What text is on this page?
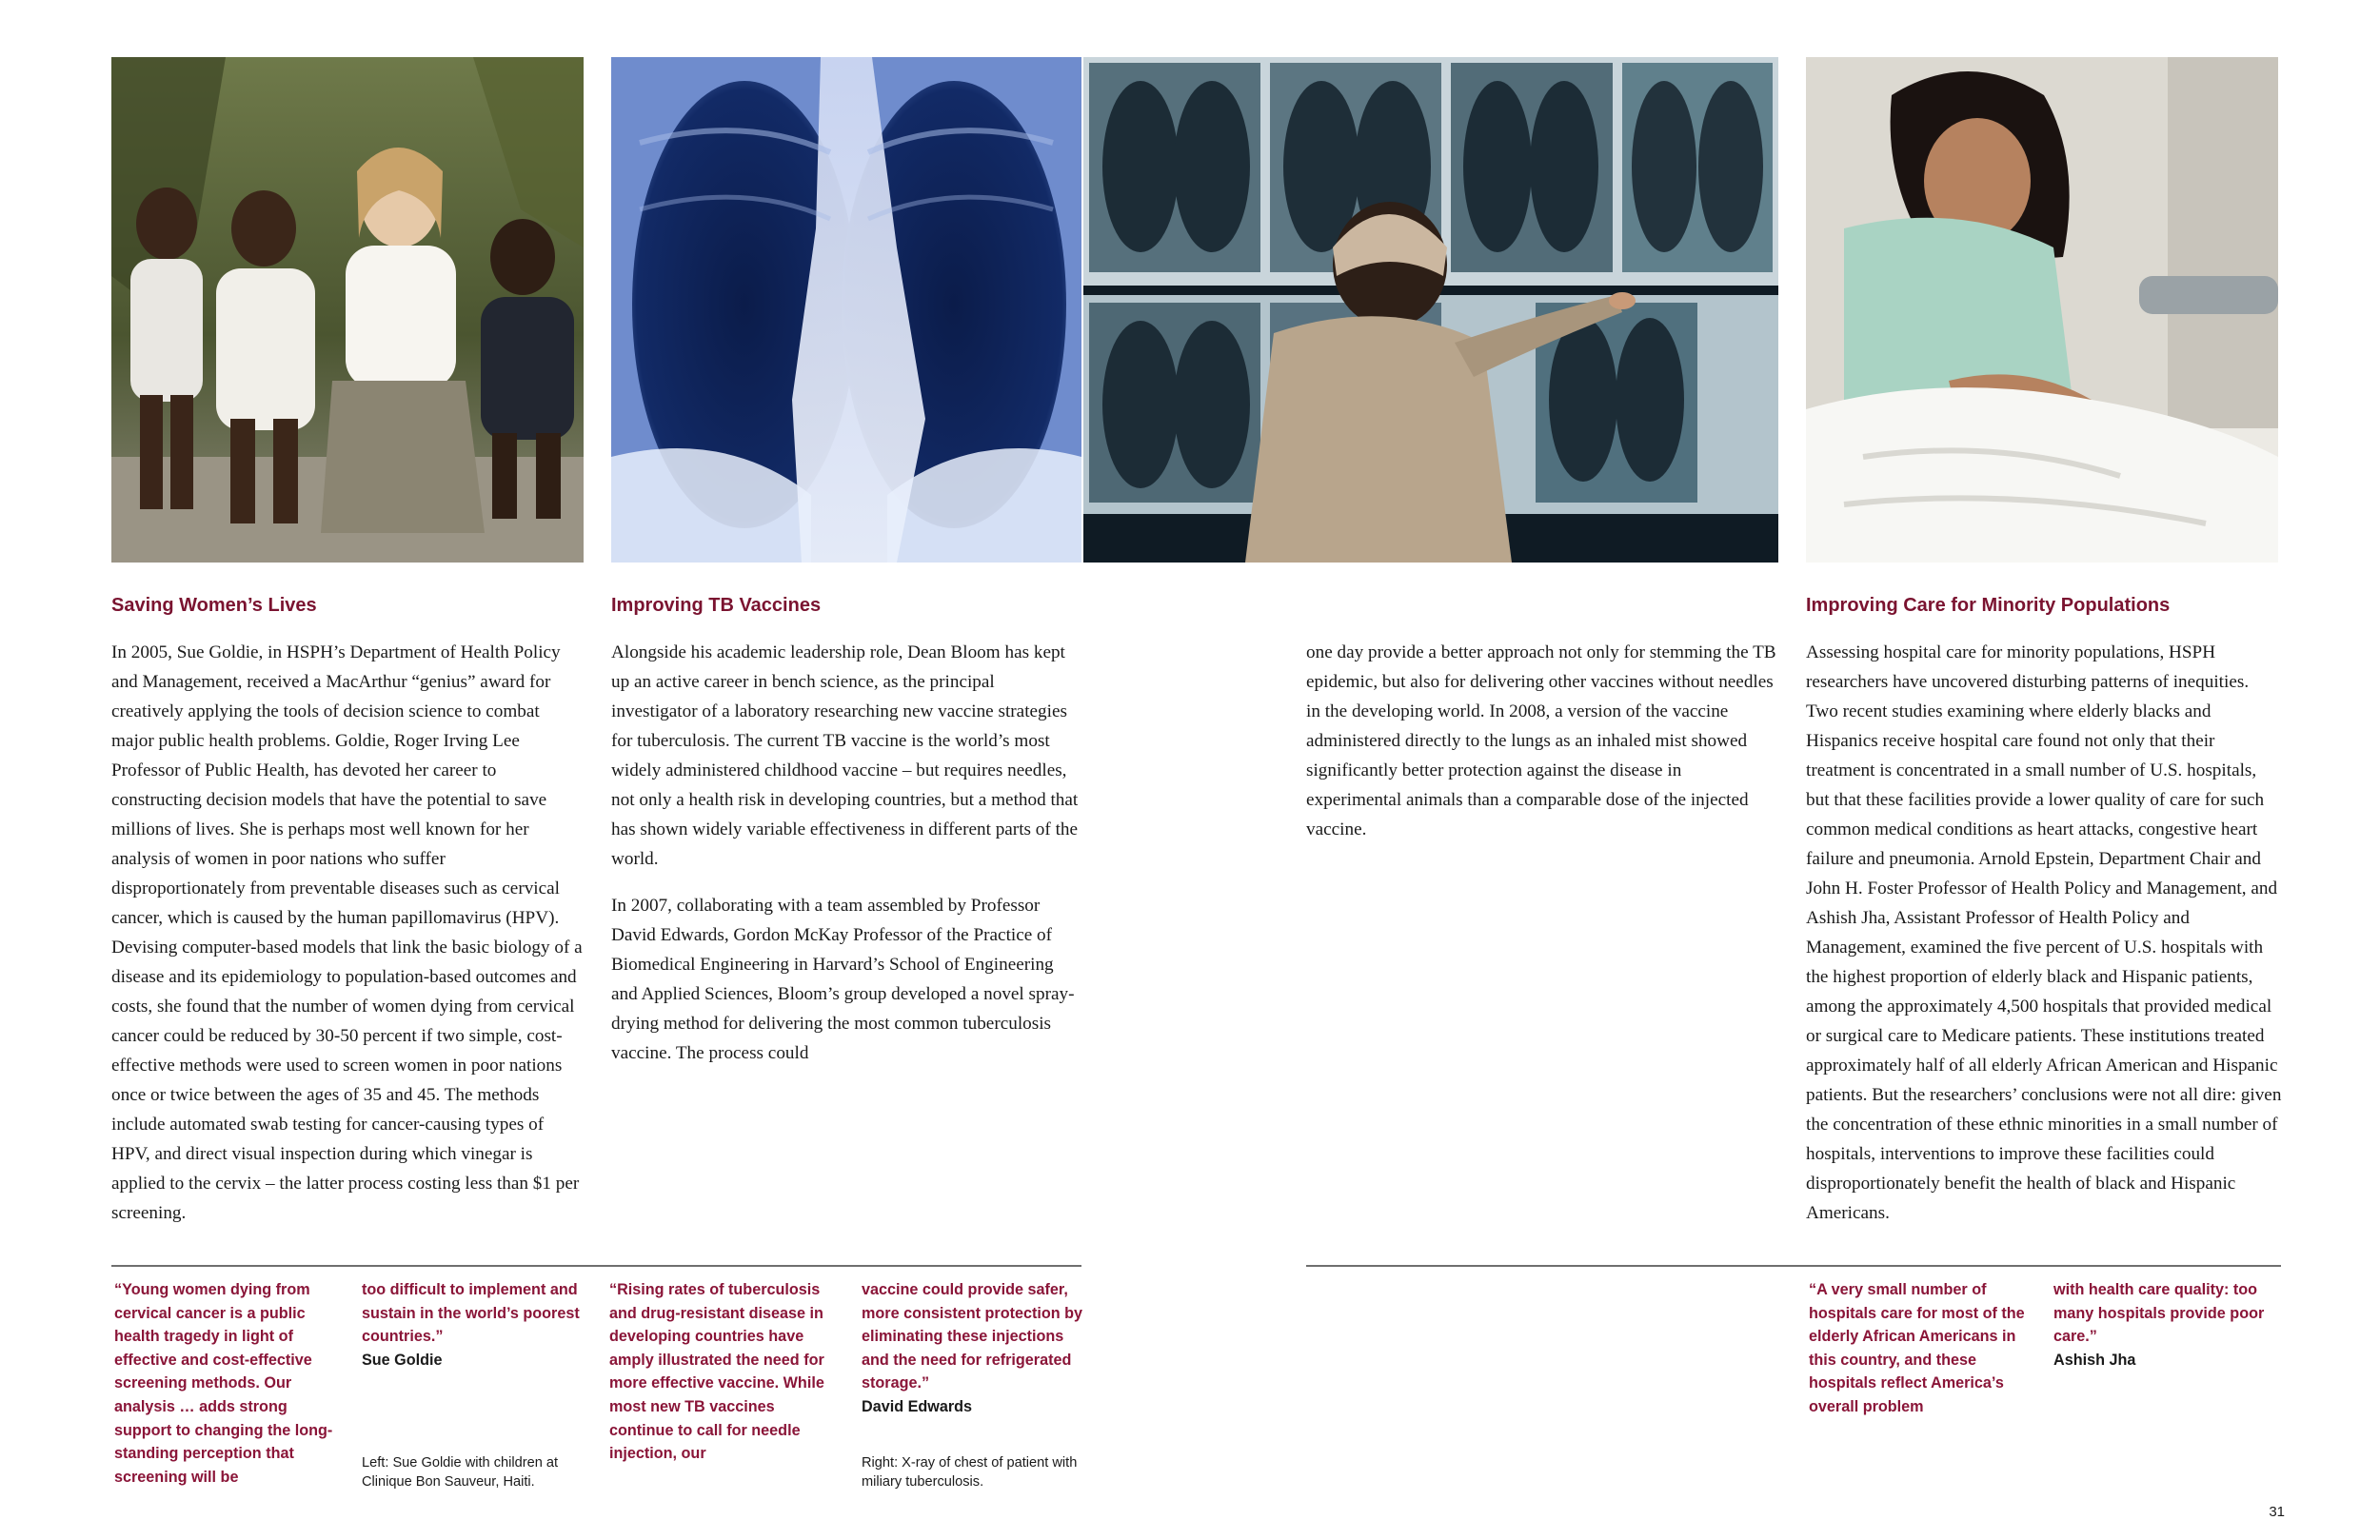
Saving Women’s Lives	Improving TB Vaccines	Improving Care for Minority Populations

In 2005, Sue Goldie, in HSPH’s Department of Health Policy and Management, received a MacArthur “genius” award for creatively applying the tools of decision science to combat major public health problems. Goldie, Roger Irving Lee Professor of Public Health, has devoted her career to constructing decision models that have the potential to save millions of lives. She is perhaps most well known for her analysis of women in poor nations who suffer disproportionately from preventable diseases such as cervical cancer, which is caused by the human papillomavirus (HPV). Devising computer-based models that link the basic biology of a disease and its epidemiology to population-based outcomes and costs, she found that the number of women dying from cervical cancer could be reduced by 30-50 percent if two simple, cost-effective methods were used to screen women in poor nations once or twice between the ages of 35 and 45. The methods include automated swab testing for cancer-causing types of HPV, and direct visual inspection during which vinegar is applied to the cervix – the latter process costing less than $1 per screening.

Alongside his academic leadership role, Dean Bloom has kept up an active career in bench science, as the principal investigator of a laboratory researching new vaccine strategies for tuberculosis. The current TB vaccine is the world’s most widely administered childhood vaccine – but requires needles, not only a health risk in developing countries, but a method that has shown widely variable effectiveness in different parts of the world.

In 2007, collaborating with a team assembled by Professor David Edwards, Gordon McKay Professor of the Practice of Biomedical Engineering in Harvard’s School of Engineering and Applied Sciences, Bloom’s group developed a novel spray-drying method for delivering the most common tuberculosis vaccine. The process could

one day provide a better approach not only for stemming the TB epidemic, but also for delivering other vaccines without needles in the developing world. In 2008, a version of the vaccine administered directly to the lungs as an inhaled mist showed significantly better protection against the disease in experimental animals than a comparable dose of the injected vaccine.

Assessing hospital care for minority populations, HSPH researchers have uncovered disturbing patterns of inequities. Two recent studies examining where elderly blacks and Hispanics receive hospital care found not only that their treatment is concentrated in a small number of U.S. hospitals, but that these facilities provide a lower quality of care for such common medical conditions as heart attacks, congestive heart failure and pneumonia. Arnold Epstein, Department Chair and John H. Foster Professor of Health Policy and Management, and Ashish Jha, Assistant Professor of Health Policy and Management, examined the five percent of U.S. hospitals with the highest proportion of elderly black and Hispanic patients, among the approximately 4,500 hospitals that provided medical or surgical care to Medicare patients. These institutions treated approximately half of all elderly African American and Hispanic patients. But the researchers’ conclusions were not all dire: given the concentration of these ethnic minorities in a small number of hospitals, interventions to improve these facilities could disproportionately benefit the health of black and Hispanic Americans.

“Young women dying from cervical cancer is a public health tragedy in light of effective and cost-effective screening methods. Our analysis … adds strong support to changing the long-standing perception that screening will be
too difficult to implement and sustain in the world’s poorest countries.”
Sue Goldie
“Rising rates of tuberculosis and drug-resistant disease in developing countries have amply illustrated the need for more effective vaccine. While most new TB vaccines continue to call for needle injection, our
vaccine could provide safer, more consistent protection by eliminating these injections and the need for refrigerated storage.”
David Edwards
“A very small number of hospitals care for most of the elderly African Americans in this country, and these hospitals reflect America’s overall problem
with health care quality: too many hospitals provide poor care.”
Ashish Jha
Left: Sue Goldie with children at Clinique Bon Sauveur, Haiti.
Right: X-ray of chest of patient with miliary tuberculosis.
31
